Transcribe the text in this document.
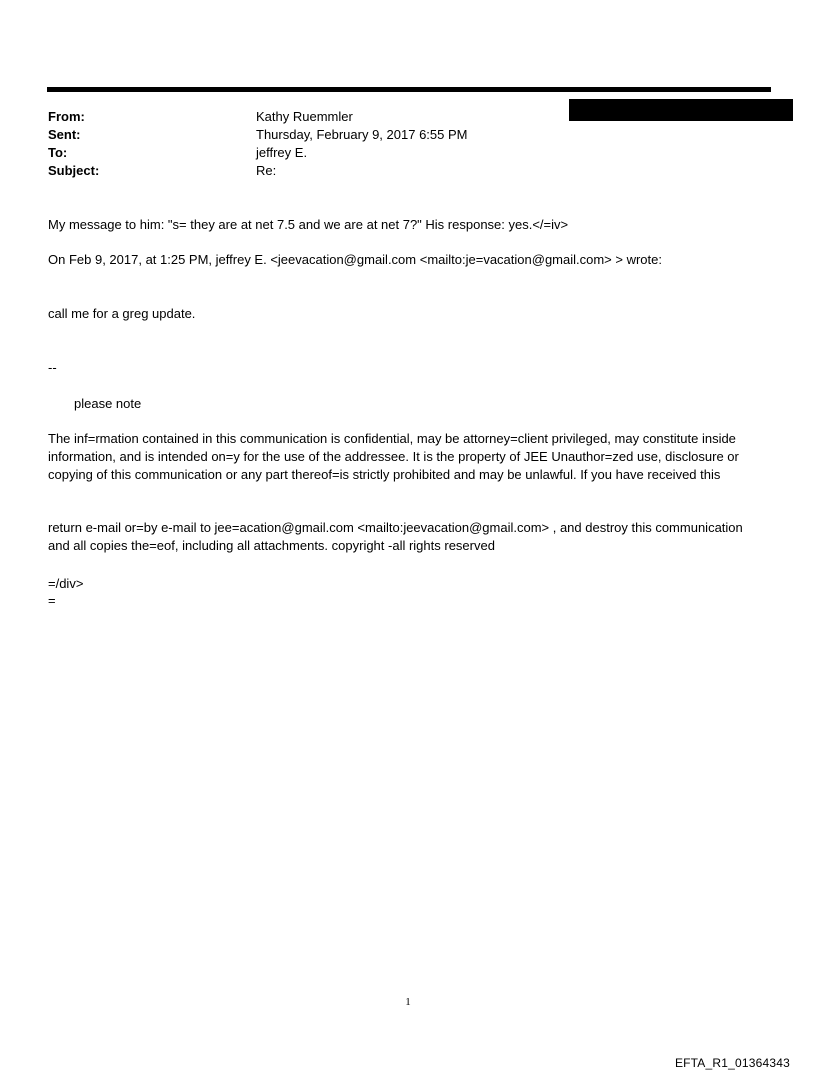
From:	Kathy Ruemmler
Sent:	Thursday, February 9, 2017 6:55 PM
To:	jeffrey E.
Subject:	Re:
My message to him: "s= they are at net 7.5 and we are at net 7?" His response: yes.</=iv>
On Feb 9, 2017, at 1:25 PM, jeffrey E. <jeevacation@gmail.com <mailto:je=vacation@gmail.com> > wrote:
call me for a greg update.
--
please note
The inf=rmation contained in this communication is confidential, may be attorney=client privileged, may constitute inside information, and is intended on=y for the use of the addressee. It is the property of JEE Unauthor=zed use, disclosure or copying of this communication or any part thereof=is strictly prohibited and may be unlawful. If you have received this
return e-mail or=by e-mail to jee=acation@gmail.com <mailto:jeevacation@gmail.com> , and destroy this communication and all copies the=eof, including all attachments. copyright -all rights reserved
=/div>
=
1
EFTA_R1_01364343
